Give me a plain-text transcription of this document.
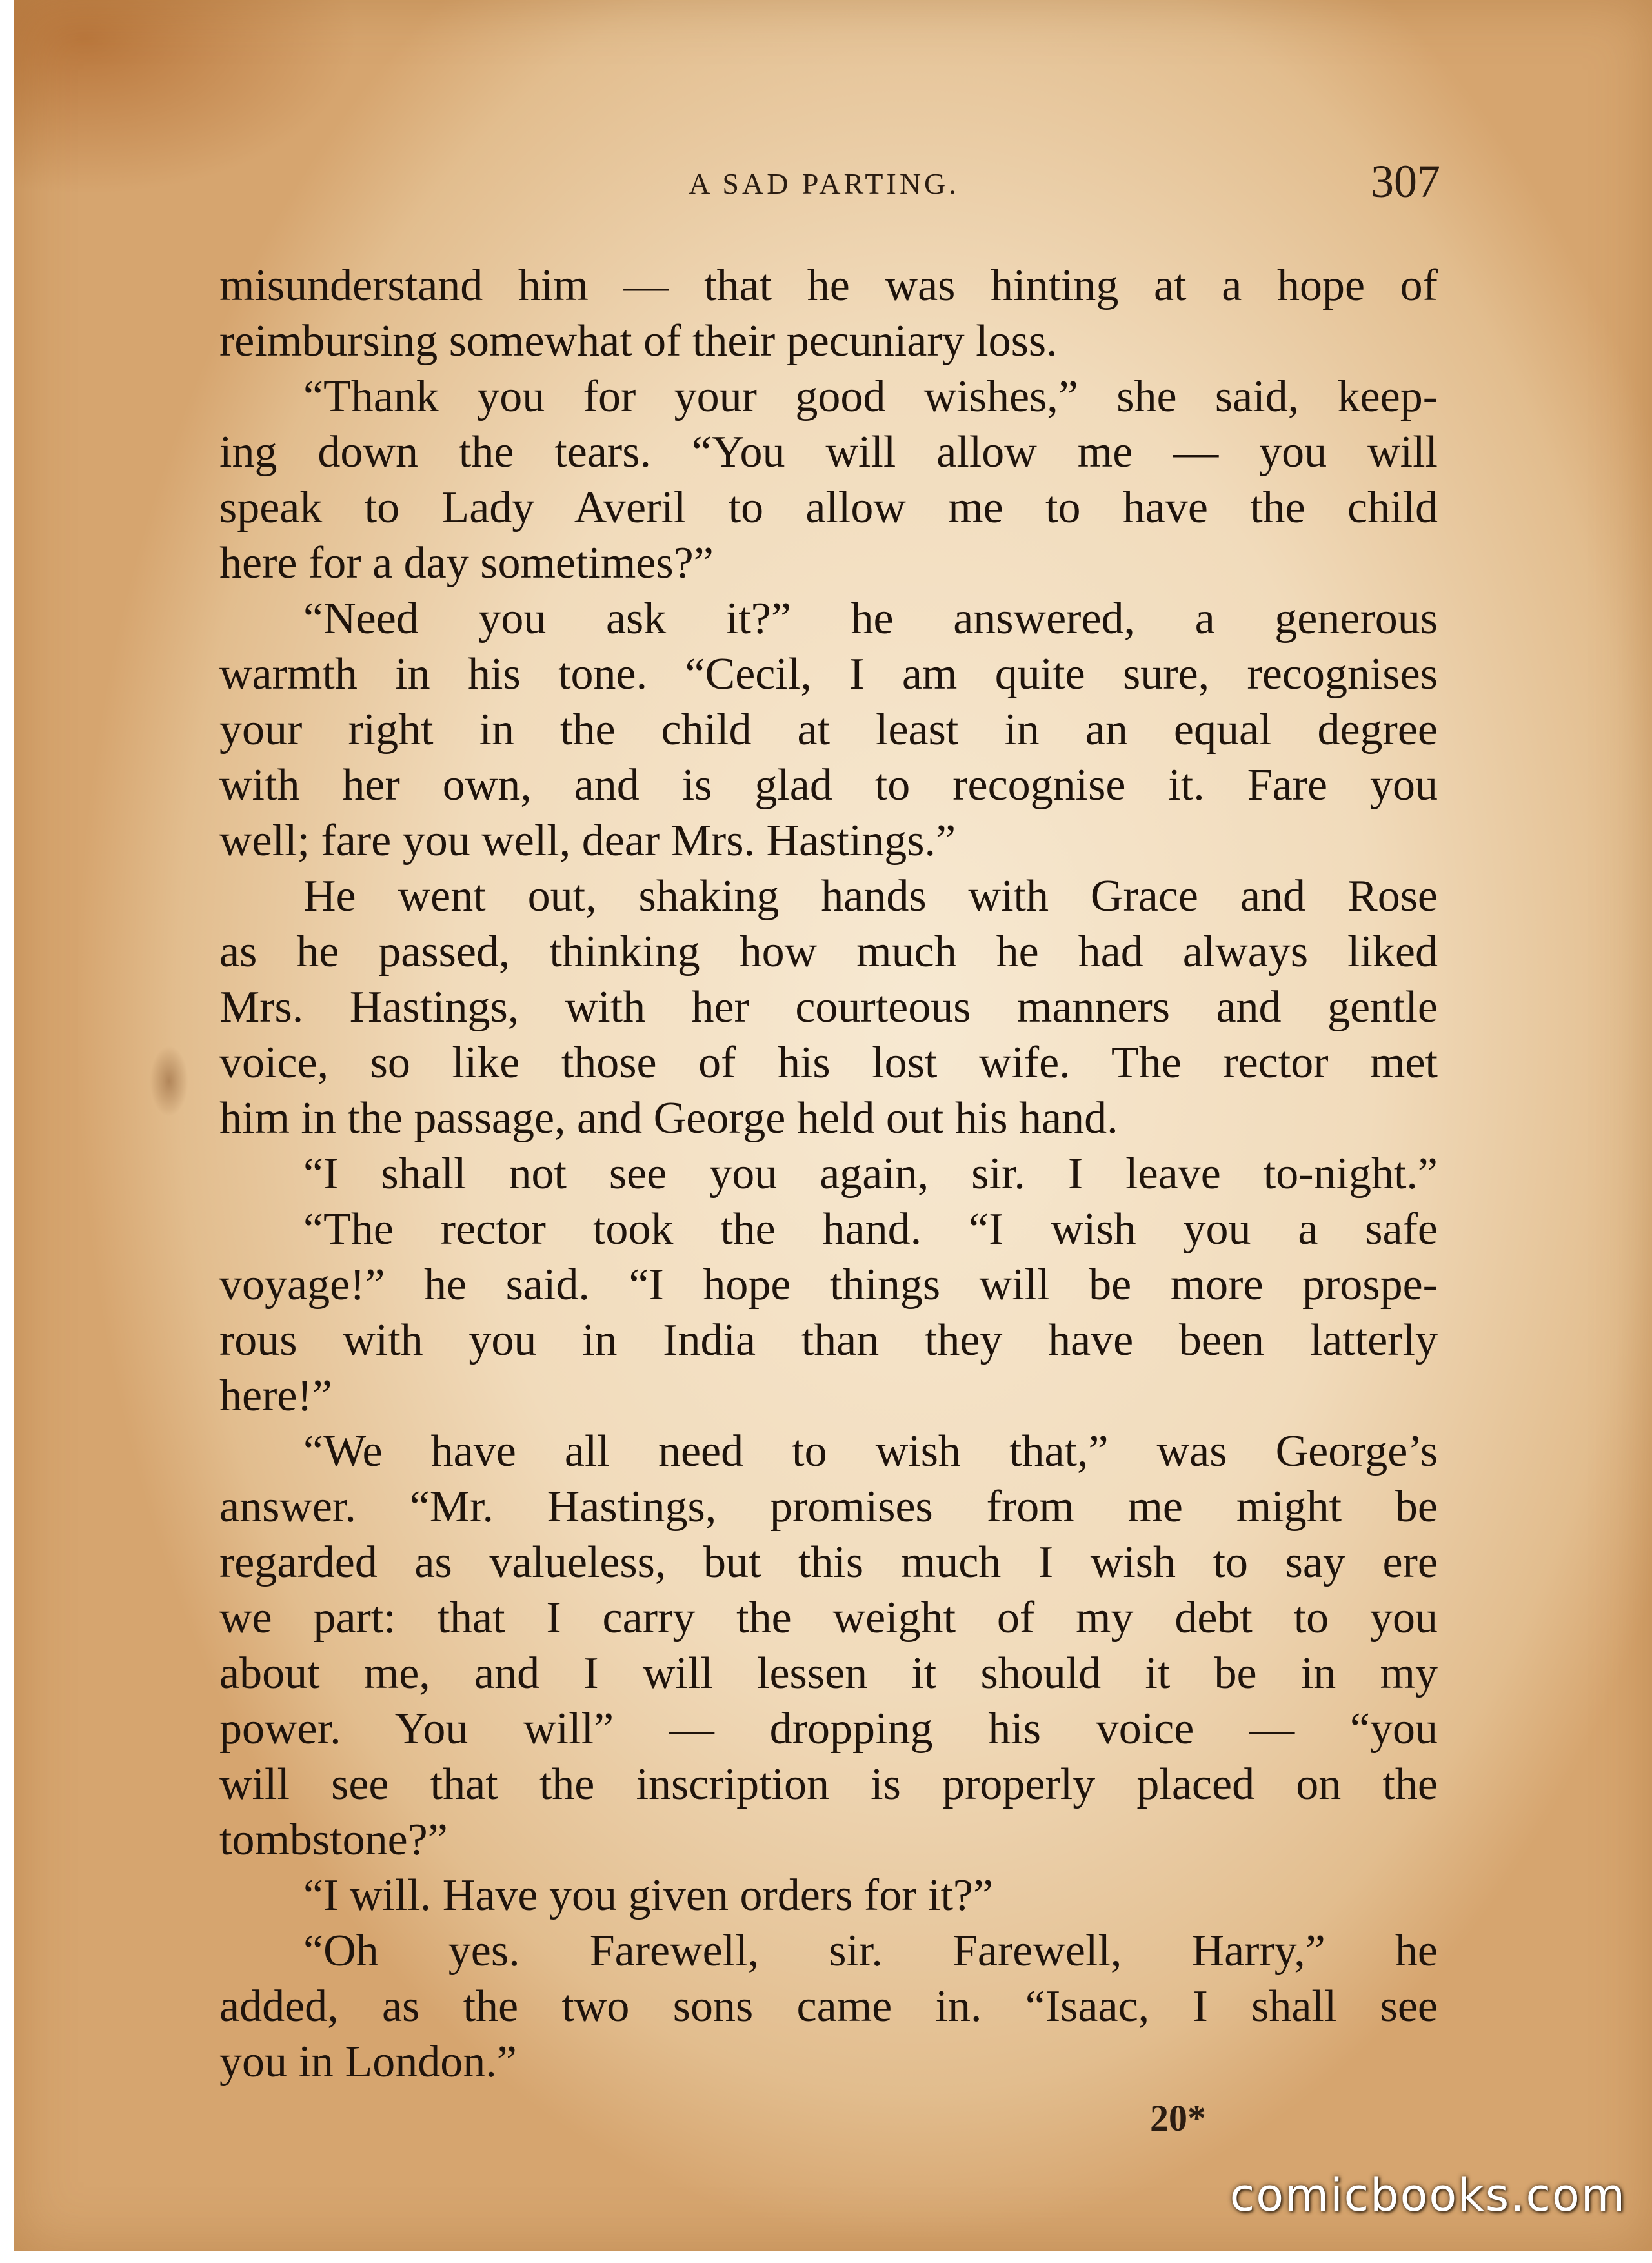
A SAD PARTING.	307
misunderstand him — that he was hinting at a hope of
reimbursing somewhat of their pecuniary loss.
“Thank you for your good wishes,” she said, keep-
ing down the tears. “You will allow me — you will
speak to Lady Averil to allow me to have the child
here for a day sometimes?”
“Need you ask it?” he answered, a generous
warmth in his tone. “Cecil, I am quite sure, recognises
your right in the child at least in an equal degree
with her own, and is glad to recognise it. Fare you
well; fare you well, dear Mrs. Hastings.”
He went out, shaking hands with Grace and Rose
as he passed, thinking how much he had always liked
Mrs. Hastings, with her courteous manners and gentle
voice, so like those of his lost wife. The rector met
him in the passage, and George held out his hand.
“I shall not see you again, sir. I leave to-night.”
“The rector took the hand. “I wish you a safe
voyage!” he said. “I hope things will be more prospe-
rous with you in India than they have been latterly
here!”
“We have all need to wish that,” was George’s
answer. “Mr. Hastings, promises from me might be
regarded as valueless, but this much I wish to say ere
we part: that I carry the weight of my debt to you
about me, and I will lessen it should it be in my
power. You will” — dropping his voice — “you
will see that the inscription is properly placed on the
tombstone?”
“I will. Have you given orders for it?”
“Oh yes. Farewell, sir. Farewell, Harry,” he
added, as the two sons came in. “Isaac, I shall see
you in London.”
20*
comicbooks.com
